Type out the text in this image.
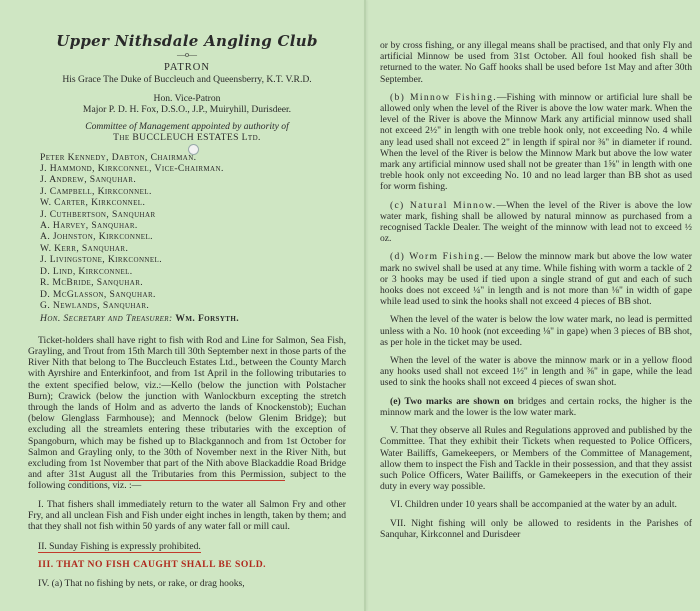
Upper Nithsdale Angling Club
—o—
PATRON
His Grace The Duke of Buccleuch and Queensberry, K.T. V.R.D.
Hon. Vice-Patron
Major P. D. H. Fox, D.S.O., J.P., Muiryhill, Durisdeer.
Committee of Management appointed by authority of
The BUCCLEUCH ESTATES Ltd.
Peter Kennedy, Dabton, Chairman.
J. Hammond, Kirkconnel, Vice-Chairman.
J. Andrew, Sanquhar.
J. Campbell, Kirkconnel.
W. Carter, Kirkconnel.
J. Cuthbertson, Sanquhar
A. Harvey, Sanquhar.
A. Johnston, Kirkconnel.
W. Kerr, Sanquhar.
J. Livingstone, Kirkconnel.
D. Lind, Kirkconnel.
R. McBride, Sanquhar.
D. McGlasson, Sanquhar.
G. Newlands, Sanquhar.
Hon. Secretary and Treasurer: Wm. Forsyth.

Ticket-holders shall have right to fish with Rod and Line for Salmon, Sea Fish, Grayling, and Trout from 15th March till 30th September next in those parts of the River Nith that belong to The Buccleuch Estates Ltd., between the County March with Ayrshire and Enterkinfoot, and from 1st April in the following tributaries to the extent specified below, viz.:—Kello (below the junction with Polstacher Burn); Crawick (below the junction with Wanlockburn excepting the stretch through the lands of Holm and as adverto the lands of Knockenstob); Euchan (below Glenglass Farmhouse); and Mennock (below Glenim Bridge); but excluding all the streamlets entering these tributaries with the exception of Spangoburn, which may be fished up to Blackgannoch and from 1st October for Salmon and Grayling only, to the 30th of November next in the River Nith, but excluding from 1st November that part of the Nith above Blackaddie Road Bridge and after 31st August all the Tributaries from this Permission, subject to the following conditions, viz. :—

I. That fishers shall immediately return to the water all Salmon Fry and other Fry, and all unclean Fish and Fish under eight inches in length, taken by them; and that they shall not fish within 50 yards of any water fall or mill caul.

II. Sunday Fishing is expressly prohibited.

III. THAT NO FISH CAUGHT SHALL BE SOLD.

IV. (a) That no fishing by nets, or rake, or drag hooks,

or by cross fishing, or any illegal means shall be practised, and that only Fly and artificial Minnow be used from 31st October. All foul hooked fish shall be returned to the water. No Gaff hooks shall be used before 1st May and after 30th September.

(b) Minnow Fishing.—Fishing with minnow or artificial lure shall be allowed only when the level of the River is above the low water mark. When the level of the River is above the Minnow Mark any artificial minnow used shall not exceed 2½" in length with one treble hook only, not exceeding No. 4 while any lead used shall not exceed 2" in length if spiral nor ⅜" in diameter if round. When the level of the River is below the Minnow Mark but above the low water mark any artificial minnow used shall not be greater than 1⅝" in length with one treble hook only not exceeding No. 10 and no lead larger than BB shot as used for worm fishing.

(c) Natural Minnow.—When the level of the River is above the low water mark, fishing shall be allowed by natural minnow as purchased from a recognised Tackle Dealer. The weight of the minnow with lead not to exceed ½ oz.

(d) Worm Fishing.— Below the minnow mark but above the low water mark no swivel shall be used at any time. While fishing with worm a tackle of 2 or 3 hooks may be used if tied upon a single strand of gut and each of such hooks does not exceed ¼" in length and is not more than ⅛" in width of gape while lead used to sink the hooks shall not exceed 4 pieces of BB shot.

When the level of the water is below the low water mark, no lead is permitted unless with a No. 10 hook (not exceeding ⅛" in gape) when 3 pieces of BB shot, as per hole in the ticket may be used.

When the level of the water is above the minnow mark or in a yellow flood any hooks used shall not exceed 1½" in length and ⅜" in gape, while the lead used to sink the hooks shall not exceed 4 pieces of swan shot.

(e) Two marks are shown on bridges and certain rocks, the higher is the minnow mark and the lower is the low water mark.

V. That they observe all Rules and Regulations approved and published by the Committee. That they exhibit their Tickets when requested to Police Officers, Water Bailiffs, Gamekeepers, or Members of the Committee of Management, allow them to inspect the Fish and Tackle in their possession, and that they assist such Police Officers, Water Bailiffs, or Gamekeepers in the execution of their duty in every way possible.

VI. Children under 10 years shall be accompanied at the water by an adult.

VII. Night fishing will only be allowed to residents in the Parishes of Sanquhar, Kirkconnel and Durisdeer
